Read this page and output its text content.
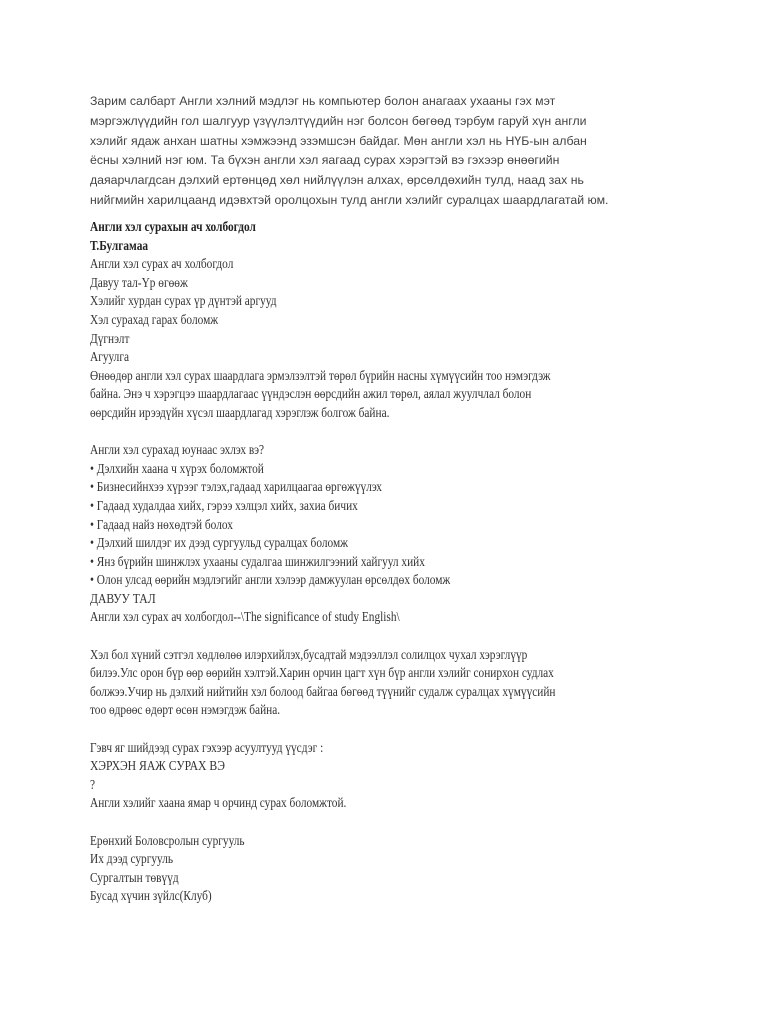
Зарим салбарт Англи хэлний мэдлэг нь компьютер болон анагаах ухааны гэх мэт

мэргэжлүүдийн гол шалгуур үзүүлэлтүүдийн нэг болсон бөгөөд тэрбум гаруй хүн англи

хэлийг ядаж анхан шатны хэмжээнд эзэмшсэн байдаг. Мөн англи хэл нь НҮБ-ын албан

ёсны хэлний нэг юм. Та бүхэн англи хэл яагаад сурах хэрэгтэй вэ гэхээр өнөөгийн

даяарчлагдсан дэлхий ертөнцөд хөл нийлүүлэн алхах, өрсөлдөхийн тулд, наад зах нь

нийгмийн харилцаанд идэвхтэй оролцохын тулд англи хэлийг суралцах шаардлагатай юм.

Англи хэл сурахын ач холбогдол

Т.Булгамаа

Англи хэл сурах ач холбогдол

Давуу тал-Үр өгөөж

Хэлийг хурдан сурах үр дүнтэй аргууд

Хэл сурахад гарах боломж

Дүгнэлт

Агуулга

Өнөөдөр англи хэл сурах шаардлага эрмэлзэлтэй төрөл бүрийн насны хүмүүсийн тоо нэмэгдэж

байна. Энэ ч хэрэгцээ шаардлагаас үүндэслэн өөрсдийн ажил төрөл, аялал жуулчлал болон

өөрсдийн ирээдүйн хүсэл шаардлагад хэрэглэж болгож байна.

Англи хэл сурахад юунаас эхлэх вэ?

• Дэлхийн хаана ч хүрэх боломжтой

• Бизнесийнхээ хүрээг тэлэх,гадаад харилцаагаа өргөжүүлэх

• Гадаад худалдаа хийх, гэрээ хэлцэл хийх, захиа бичих

• Гадаад найз нөхөдтэй болох

• Дэлхий шилдэг их дээд сургуульд суралцах боломж

• Янз бүрийн шинжлэх ухааны судалгаа шинжилгээний хайгуул хийх

• Олон улсад өөрийн мэдлэгийг англи хэлээр дамжуулан өрсөлдөх боломж

ДАВУУ ТАЛ

Англи хэл сурах ач холбогдол--\The significance of study English\

Хэл бол хүний сэтгэл хөдлөлөө илэрхийлэх,бусадтай мэдээллэл солилцох чухал хэрэглүүр

билээ.Улс орон бүр өөр өөрийн хэлтэй.Харин орчин цагт хүн бүр англи хэлийг сонирхон судлах

болжээ.Учир нь дэлхий нийтийн хэл болоод байгаа бөгөөд түүнийг судалж суралцах хүмүүсийн

тоо өдрөөс өдөрт өсөн нэмэгдэж байна.

Гэвч яг шийдээд сурах гэхээр асуултууд үүсдэг :

ХЭРХЭН ЯАЖ СУРАХ ВЭ

?

Англи хэлийг хаана ямар ч орчинд сурах боломжтой.

Ерөнхий Боловсролын сургууль

Их дээд сургууль

Сургалтын төвүүд

Бусад хүчин зүйлс(Клуб)
